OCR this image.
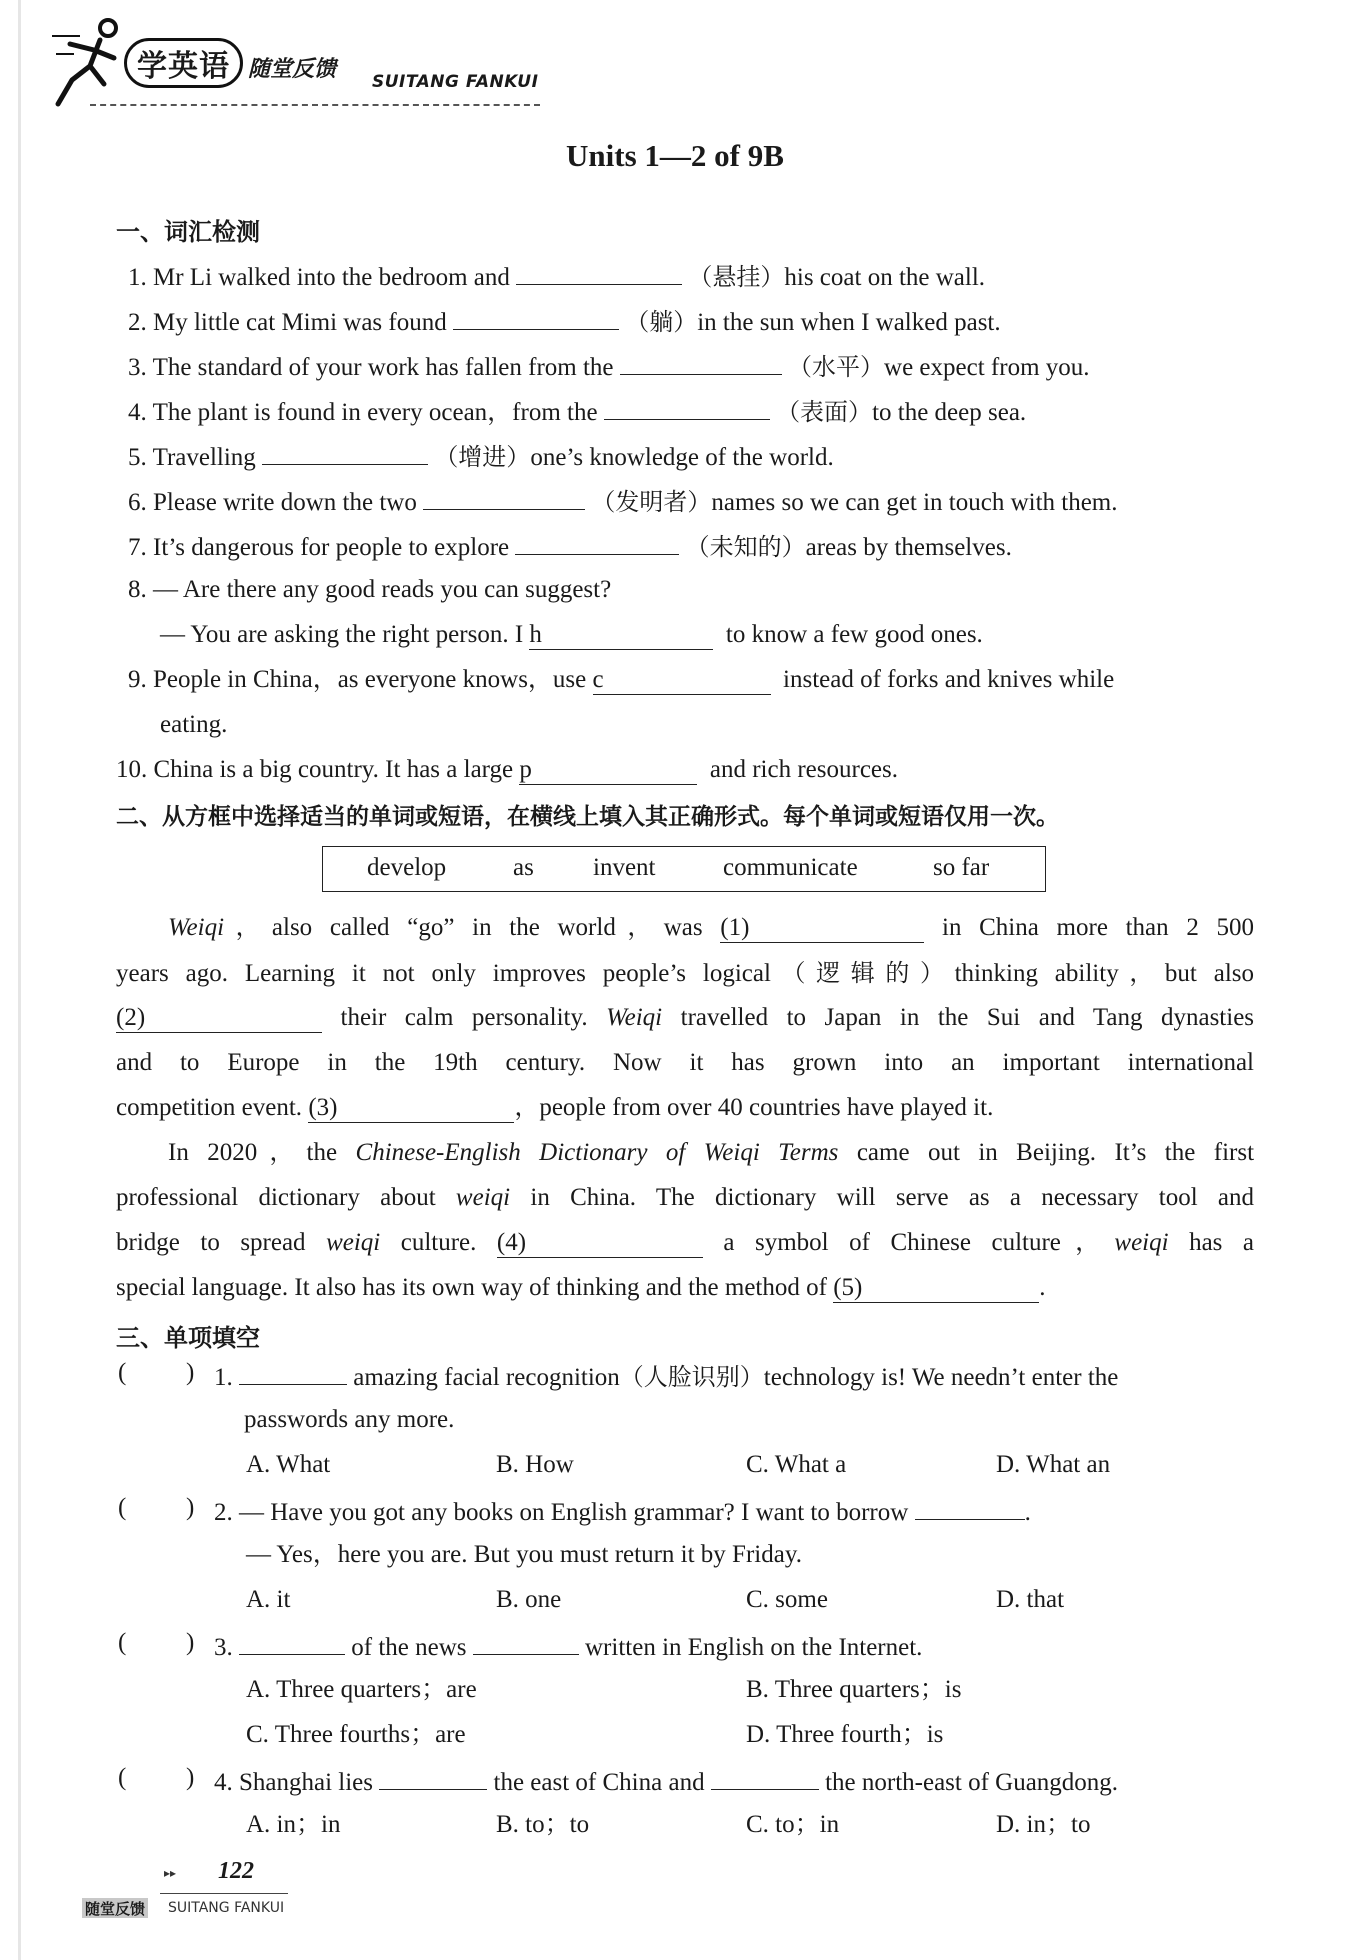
学英语 随堂反馈 SUITANG FANKUI
Units 1—2 of 9B
一、词汇检测
1. Mr Li walked into the bedroom and	（悬挂）his coat on the wall.
2. My little cat Mimi was found	（躺）in the sun when I walked past.
3. The standard of your work has fallen from the	（水平）we expect from you.
4. The plant is found in every ocean，from the	（表面）to the deep sea.
5. Travelling	（增进）one’s knowledge of the world.
6. Please write down the two	（发明者）names so we can get in touch with them.
7. It’s dangerous for people to explore	（未知的）areas by themselves.
8. — Are there any good reads you can suggest?
— You are asking the right person. I h	to know a few good ones.
9. People in China，as everyone knows，use c	instead of forks and knives while
eating.
10. China is a big country. It has a large p	and rich resources.
二、从方框中选择适当的单词或短语，在横线上填入其正确形式。每个单词或短语仅用一次。
develop	as invent	communicate	so far
Weiqi，also called “go” in the world，was (1)	in China more than 2 500
years ago. Learning it not only improves people’s logical（逻辑的）thinking ability，but also
(2)	their calm personality. Weiqi travelled to Japan in the Sui and Tang dynasties
and to Europe in the 19th century. Now it has grown into an important international
competition event. (3)	，people from over 40 countries have played it.
In 2020，the Chinese-English Dictionary of Weiqi Terms came out in Beijing. It’s the first
professional dictionary about weiqi in China. The dictionary will serve as a necessary tool and
bridge to spread weiqi culture. (4)	a symbol of Chinese culture，weiqi has a
special language. It also has its own way of thinking and the method of (5)	.
三、单项填空
( ) 1.	amazing facial recognition（人脸识别）technology is! We needn’t enter the
passwords any more.
A. What	B. How	C. What a	D. What an
( ) 2. — Have you got any books on English grammar? I want to borrow	.
— Yes，here you are. But you must return it by Friday.
A. it	B. one	C. some	D. that
( ) 3.	of the news	written in English on the Internet.
A. Three quarters；are	B. Three quarters；is
C. Three fourths；are	D. Three fourth；is
( ) 4. Shanghai lies	the east of China and	the north-east of Guangdong.
A. in；in	B. to；to	C. to；in	D. in；to
▸▸ 122
随堂反馈 SUITANG FANKUI
